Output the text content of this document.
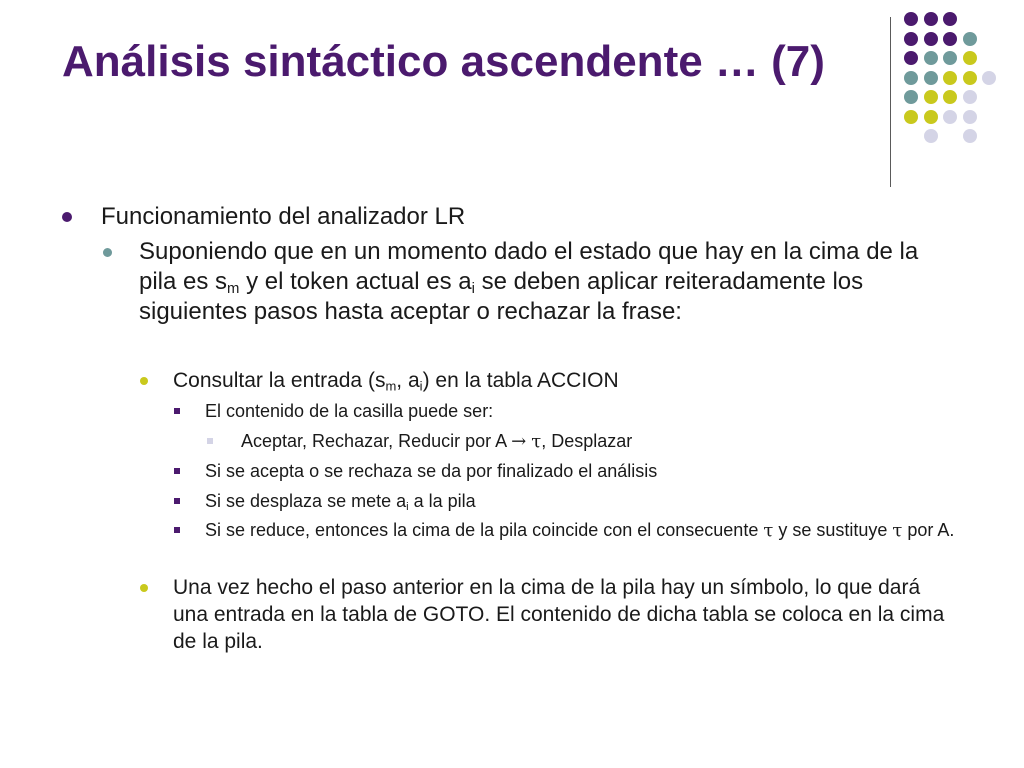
Análisis sintáctico ascendente … (7)

Funcionamiento del analizador LR

Suponiendo que en un momento dado el estado que hay en la cima de la pila es $s_m$ y el token actual es $a_i$ se deben aplicar reiteradamente los siguientes pasos hasta aceptar o rechazar la frase:

Consultar la entrada ($s_m$, $a_i$) en la tabla ACCION

El contenido de la casilla puede ser:

Aceptar, Rechazar, Reducir por A → τ, Desplazar

Si se acepta o se rechaza se da por finalizado el análisis

Si se desplaza se mete $a_i$ a la pila

Si se reduce, entonces la cima de la pila coincide con el consecuente τ y se sustituye τ por A.

Una vez hecho el paso anterior en la cima de la pila hay un símbolo, lo que dará una entrada en la tabla de GOTO. El contenido de dicha tabla se coloca en la cima de la pila.
